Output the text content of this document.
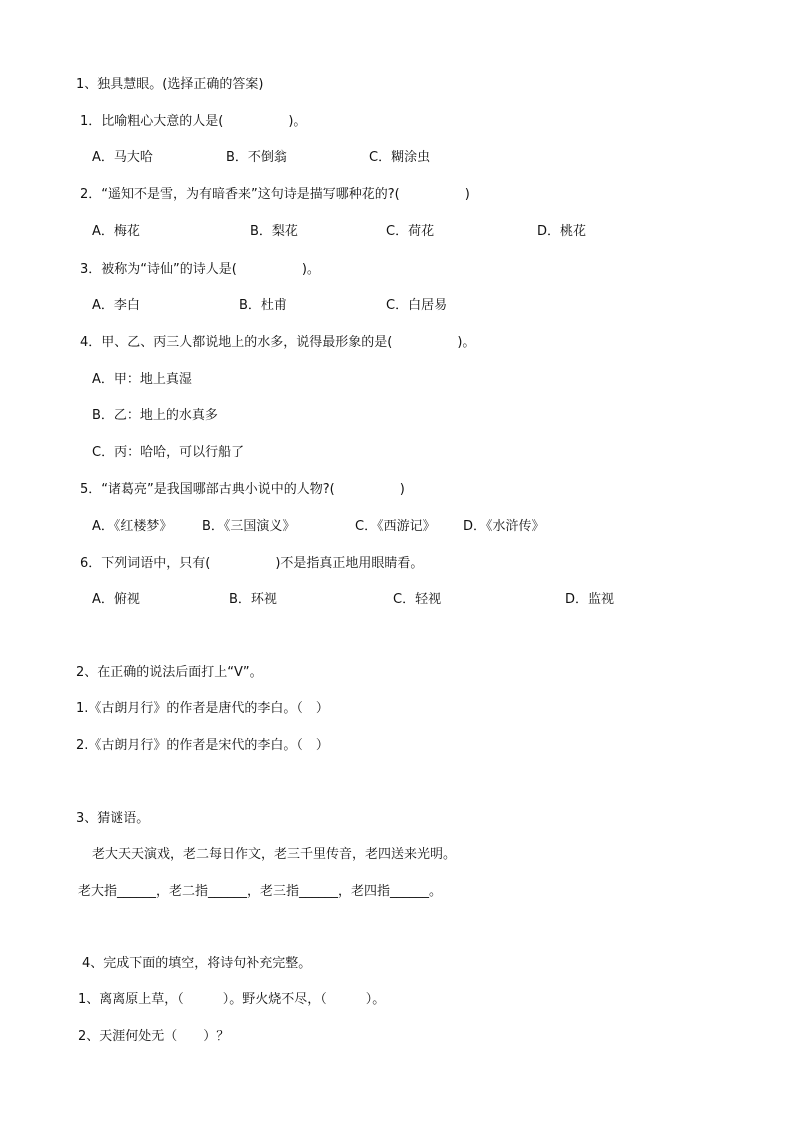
1、独具慧眼。(选择正确的答案)
1．比喻粗心大意的人是(　　　　　)。
A．马大哈	B．不倒翁	C．糊涂虫
2．“遥知不是雪，为有暗香来”这句诗是描写哪种花的?(　　　　　)
A．梅花	B．梨花	C．荷花	D．桃花
3．被称为“诗仙”的诗人是(　　　　　)。
A．李白	B．杜甫	C．白居易
4．甲、乙、丙三人都说地上的水多，说得最形象的是(　　　　　)。
A．甲：地上真湿
B．乙：地上的水真多
C．丙：哈哈，可以行船了
5．“诸葛亮”是我国哪部古典小说中的人物?(　　　　　)
A．《红楼梦》 B．《三国演义》	C．《西游记》 D．《水浒传》
6．下列词语中，只有(　　　　　)不是指真正地用眼睛看。
A．俯视	B．环视	C．轻视	D．监视
2、在正确的说法后面打上“V”。
1.《古朗月行》的作者是唐代的李白。（　）
2.《古朗月行》的作者是宋代的李白。（　）
3、猜谜语。
老大天天演戏，老二每日作文，老三千里传音，老四送来光明。
老大指______，老二指______，老三指______，老四指______。
4、完成下面的填空，将诗句补充完整。
1、离离原上草，（　　　）。野火烧不尽，（　　　）。
2、天涯何处无（　　）？
